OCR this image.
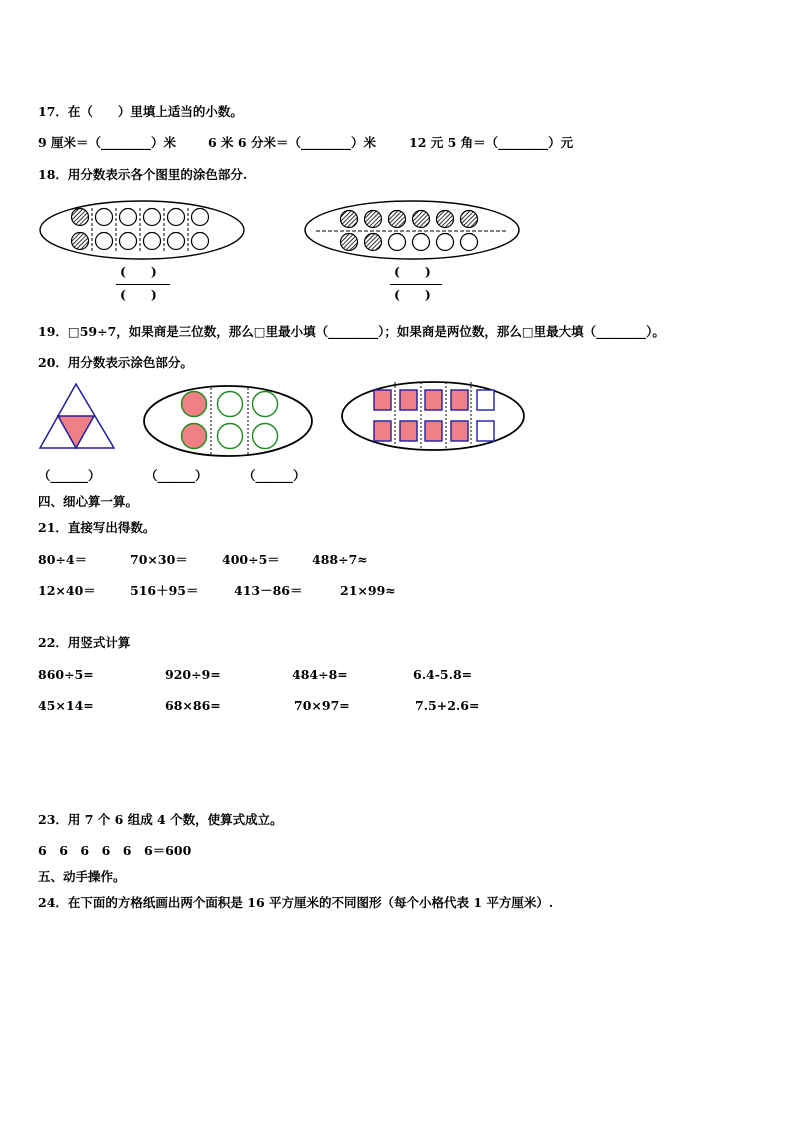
17．在（　　）里填上适当的小数。
9 厘米＝（________）米	6 米 6 分米＝（________）米	12 元 5 角＝（________）元
18．用分数表示各个图里的涂色部分.
(　　)
(　　)
(　　)
(　　)
19．□59÷7，如果商是三位数，那么□里最小填（________）；如果商是两位数，那么□里最大填（________）。
20．用分数表示涂色部分。
（______）	（______）	（______）
四、细心算一算。
21．直接写出得数。
80÷4＝	70×30＝	400÷5＝	488÷7≈
12×40＝	516＋95＝	413－86＝	21×99≈
22．用竖式计算
860÷5=	920÷9=	484÷8=	6.4-5.8=
45×14=	68×86=	70×97=	7.5+2.6=
23．用 7 个 6 组成 4 个数，使算式成立。
6　6　6　6　6　6＝600
五、动手操作。
24．在下面的方格纸画出两个面积是 16 平方厘米的不同图形（每个小格代表 1 平方厘米）.
